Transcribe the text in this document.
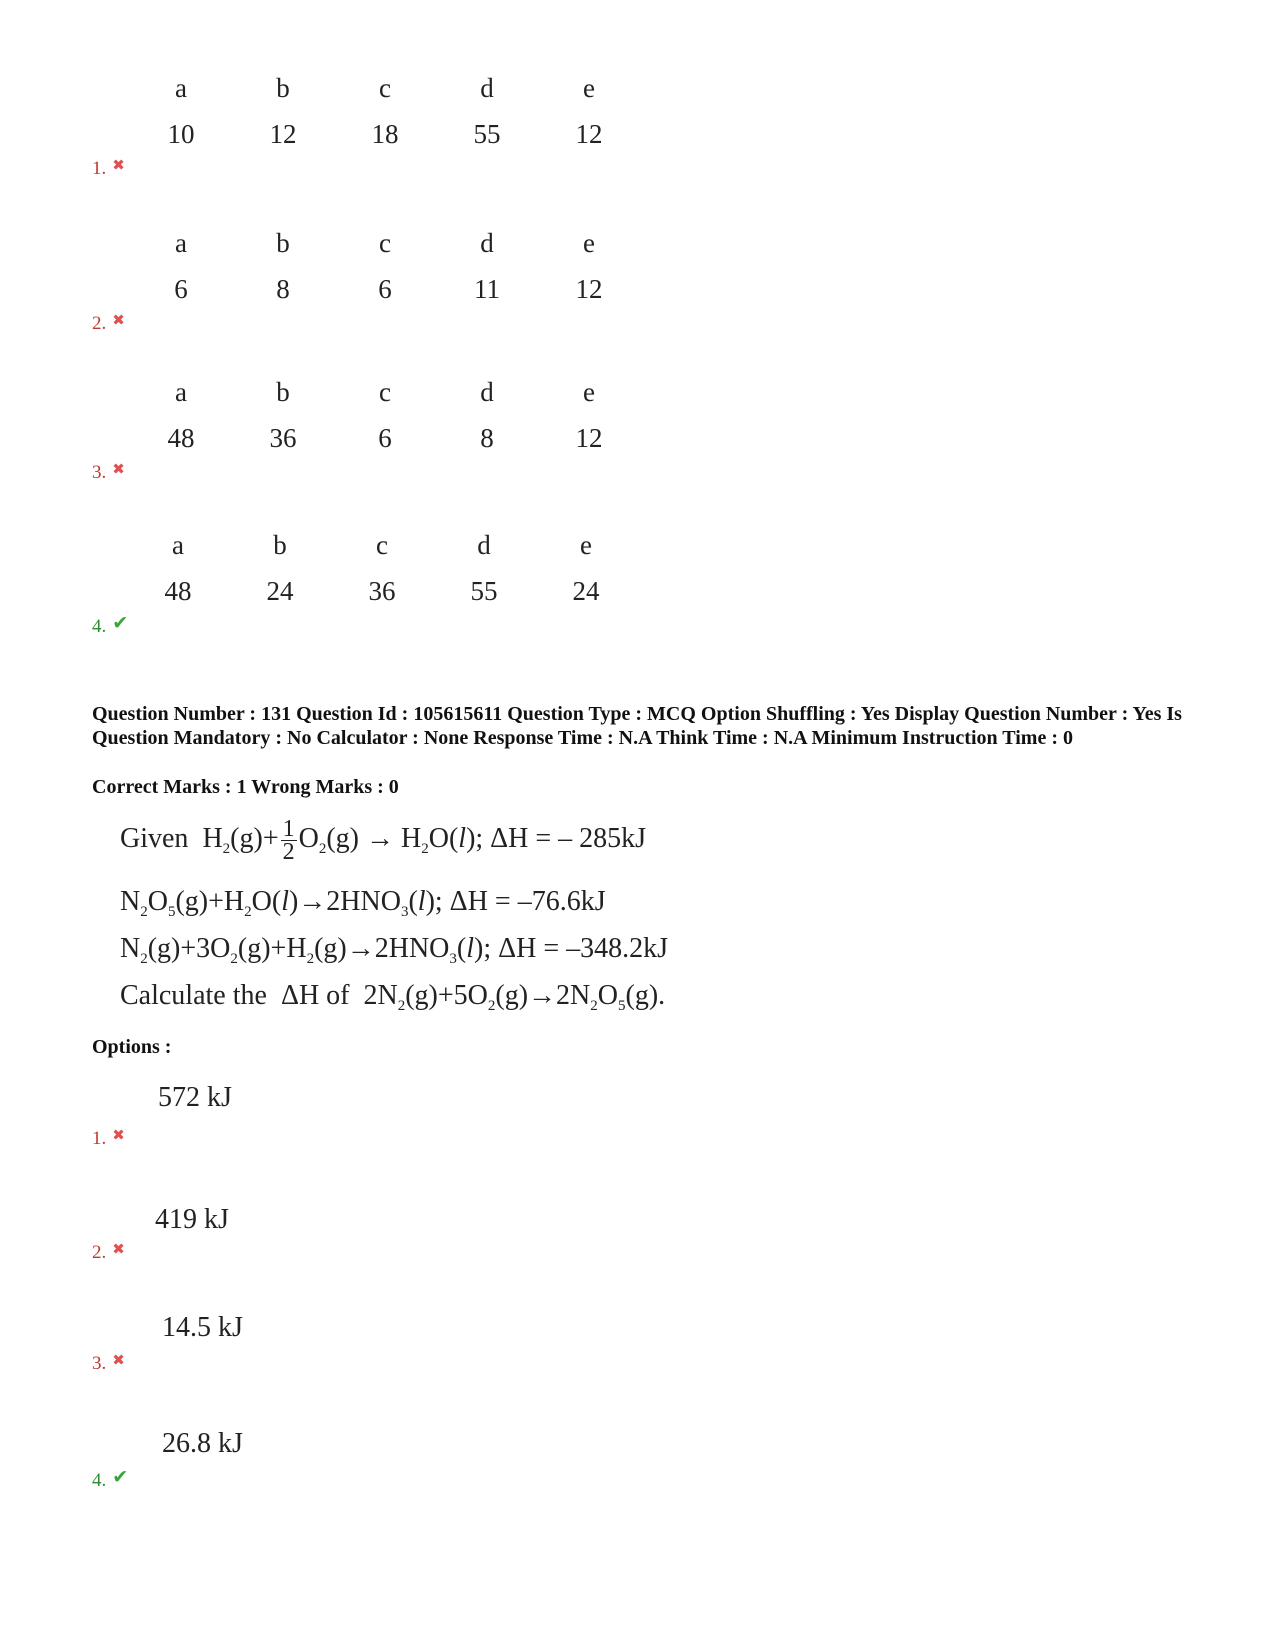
a	b	c	d	e
10	12	18	55	12
1. ✖
a	b	c	d	e
6	8	6	11	12
2. ✖
a	b	c	d	e
48	36	6	8	12
3. ✖
a	b	c	d	e
48	24	36	55	24
4. ✔
Question Number : 131 Question Id : 105615611 Question Type : MCQ Option Shuffling : Yes Display Question Number : Yes Is Question Mandatory : No Calculator : None Response Time : N.A Think Time : N.A Minimum Instruction Time : 0
Correct Marks : 1 Wrong Marks : 0
Given  $H_2(g)+ \frac{1}{2} O_2(g) \to H_2O(l)$; ΔH = – 285kJ
$N_2O_5(g)+H_2O(l)\to 2HNO_3(l)$; ΔH = –76.6kJ
$N_2(g)+3O_2(g)+H_2(g)\to 2HNO_3(l)$; ΔH = –348.2kJ
Calculate the  ΔH of  $2N_2(g)+5O_2(g)\to 2N_2O_5(g)$.
Options :
572 kJ
1. ✖
419 kJ
2. ✖
14.5 kJ
3. ✖
26.8 kJ
4. ✔
